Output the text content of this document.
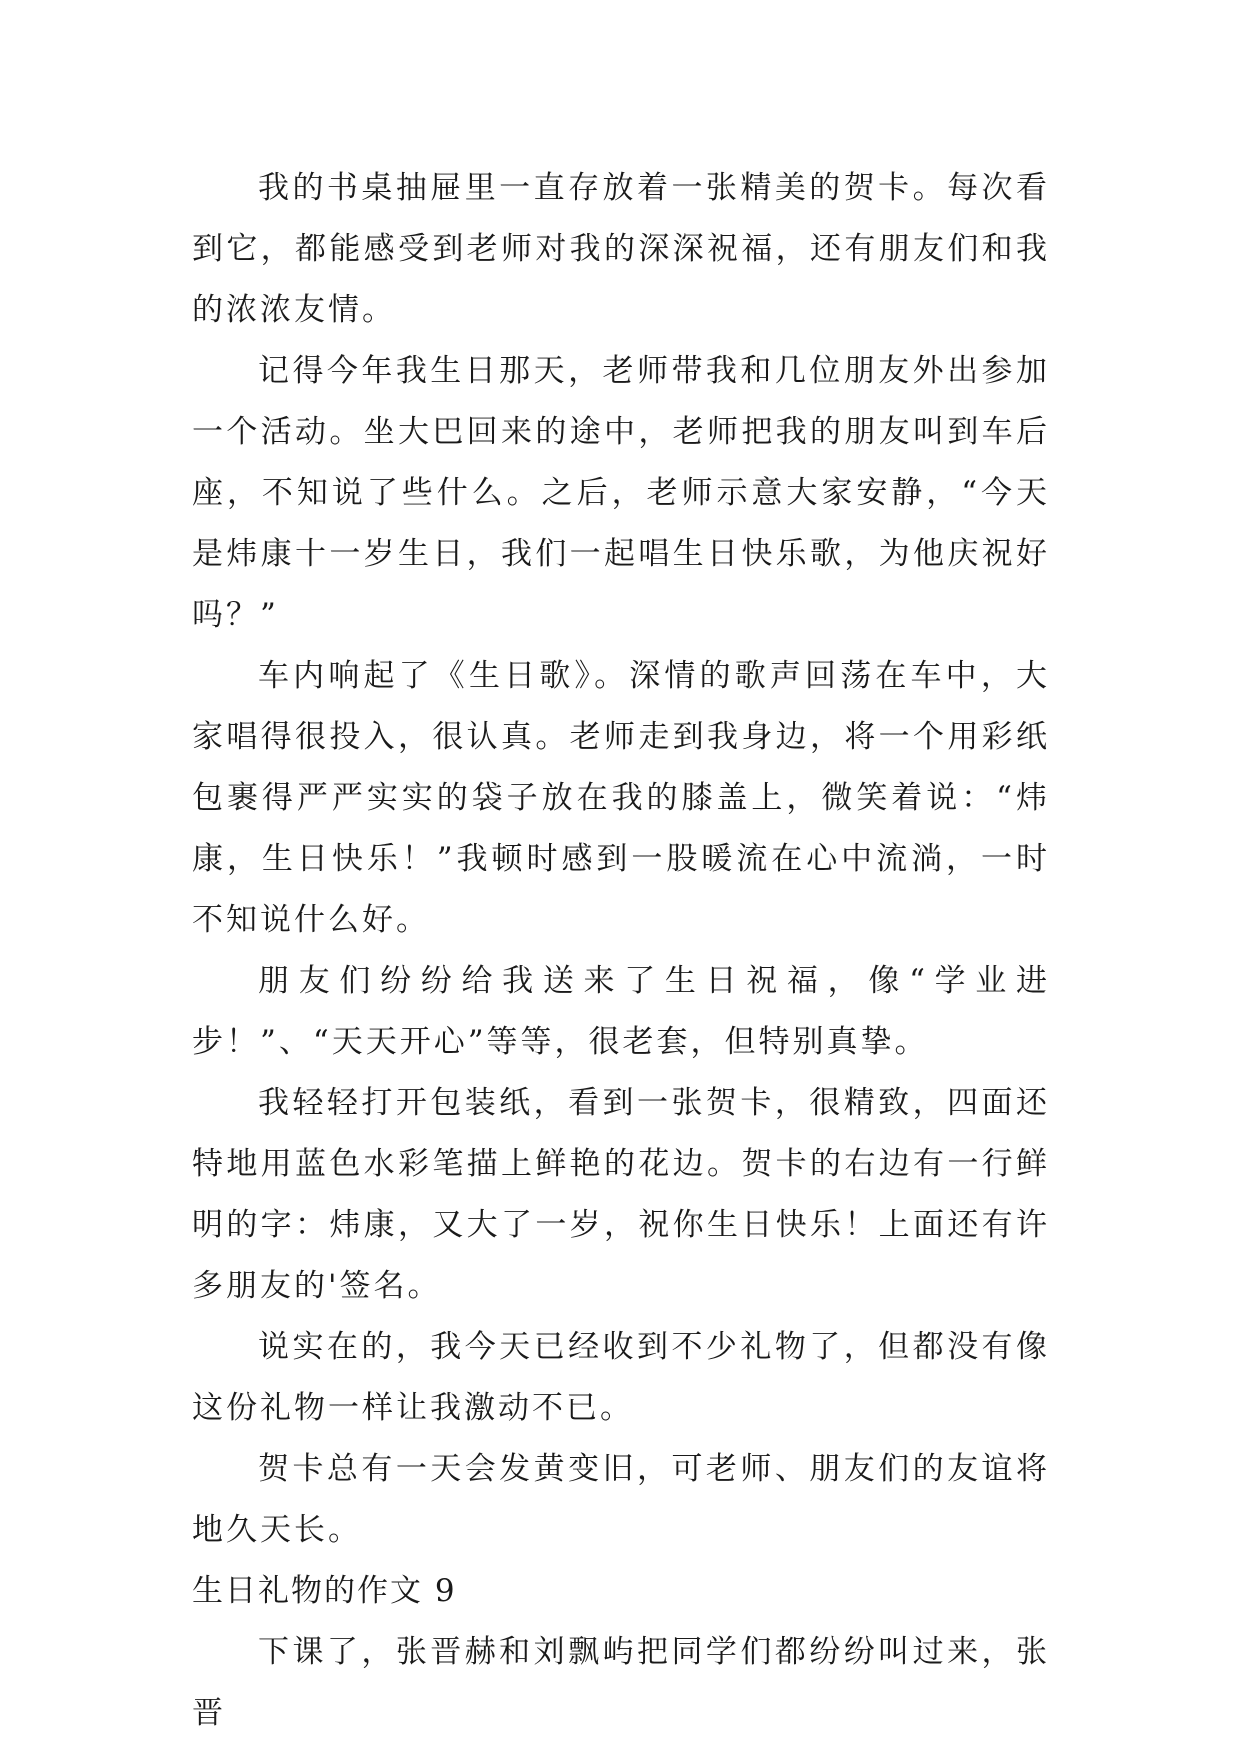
我的书桌抽屉里一直存放着一张精美的贺卡。每次看到它，都能感受到老师对我的深深祝福，还有朋友们和我的浓浓友情。

记得今年我生日那天，老师带我和几位朋友外出参加一个活动。坐大巴回来的途中，老师把我的朋友叫到车后座，不知说了些什么。之后，老师示意大家安静，“今天是炜康十一岁生日，我们一起唱生日快乐歌，为他庆祝好吗？”

车内响起了《生日歌》。深情的歌声回荡在车中，大家唱得很投入，很认真。老师走到我身边，将一个用彩纸包裹得严严实实的袋子放在我的膝盖上，微笑着说：“炜康，生日快乐！”我顿时感到一股暖流在心中流淌，一时不知说什么好。

朋友们纷纷给我送来了生日祝福，像“学业进步！”、“天天开心”等等，很老套，但特别真挚。

我轻轻打开包装纸，看到一张贺卡，很精致，四面还特地用蓝色水彩笔描上鲜艳的花边。贺卡的右边有一行鲜明的字：炜康，又大了一岁，祝你生日快乐！上面还有许多朋友的'签名。

说实在的，我今天已经收到不少礼物了，但都没有像这份礼物一样让我激动不已。

贺卡总有一天会发黄变旧，可老师、朋友们的友谊将地久天长。

生日礼物的作文 9

下课了，张晋赫和刘飘屿把同学们都纷纷叫过来，张晋
